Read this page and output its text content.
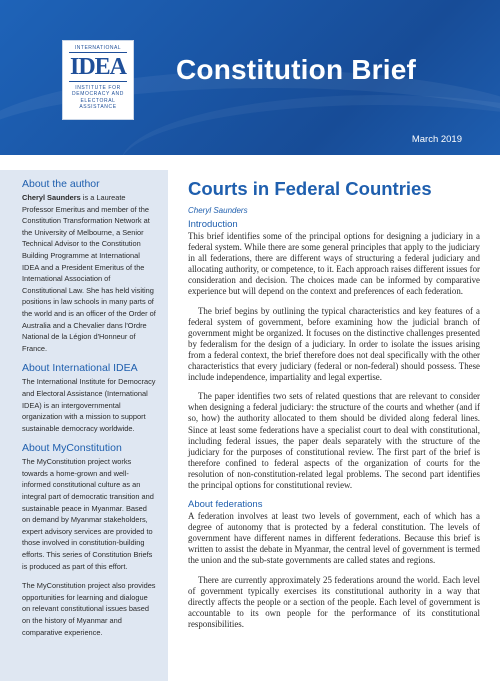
INTERNATIONAL
IDEA
INSTITUTE FOR
DEMOCRACY AND
ELECTORAL
ASSISTANCE
Constitution Brief
March 2019
About the author
Cheryl Saunders is a Laureate Professor Emeritus and member of the Constitution Transformation Network at the University of Melbourne, a Senior Technical Advisor to the Constitution Building Programme at International IDEA and a President Emeritus of the International Association of Constitutional Law. She has held visiting positions in law schools in many parts of the world and is an officer of the Order of Australia and a Chevalier dans l'Ordre National de la Légion d'Honneur of France.
About International IDEA
The International Institute for Democracy and Electoral Assistance (International IDEA) is an intergovernmental organization with a mission to support sustainable democracy worldwide.
About MyConstitution
The MyConstitution project works towards a home-grown and well-informed constitutional culture as an integral part of democratic transition and sustainable peace in Myanmar. Based on demand by Myanmar stakeholders, expert advisory services are provided to those involved in constitution-building efforts. This series of Constitution Briefs is produced as part of this effort.
The MyConstitution project also provides opportunities for learning and dialogue on relevant constitutional issues based on the history of Myanmar and comparative experience.
Courts in Federal Countries
Cheryl Saunders
Introduction

This brief identifies some of the principal options for designing a judiciary in a federal system. While there are some general principles that apply to the judiciary in all federations, there are different ways of structuring a federal judiciary and allocating authority, or competence, to it. Each approach raises different issues for consideration and decision. The choices made can be informed by comparative experience but will depend on the context and preferences of each federation.

The brief begins by outlining the typical characteristics and key features of a federal system of government, before examining how the judicial branch of government might be organized. It focuses on the distinctive challenges presented by federalism for the design of a judiciary. In order to isolate the issues arising from a federal context, the brief therefore does not deal specifically with the other characteristics that every judiciary (federal or non-federal) should possess. These include independence, impartiality and legal expertise.

The paper identifies two sets of related questions that are relevant to consider when designing a federal judiciary: the structure of the courts and whether (and if so, how) the authority allocated to them should be divided along federal lines. Since at least some federations have a specialist court to deal with constitutional, including federal issues, the paper deals separately with the structure of the judiciary for the purposes of constitutional review. The first part of the brief is therefore confined to federal aspects of the organization of courts for the resolution of non-constitution-related legal problems. The second part identifies the principal options for constitutional review.

About federations

A federation involves at least two levels of government, each of which has a degree of autonomy that is protected by a federal constitution. The levels of government have different names in different federations. Because this brief is written to assist the debate in Myanmar, the central level of government is termed the union and the sub-state governments are called states and regions.

There are currently approximately 25 federations around the world. Each level of government typically exercises its constitutional authority in a way that directly affects the people or a section of the people. Each level of government is accountable to its own people for the performance of its constitutional responsibilities.
